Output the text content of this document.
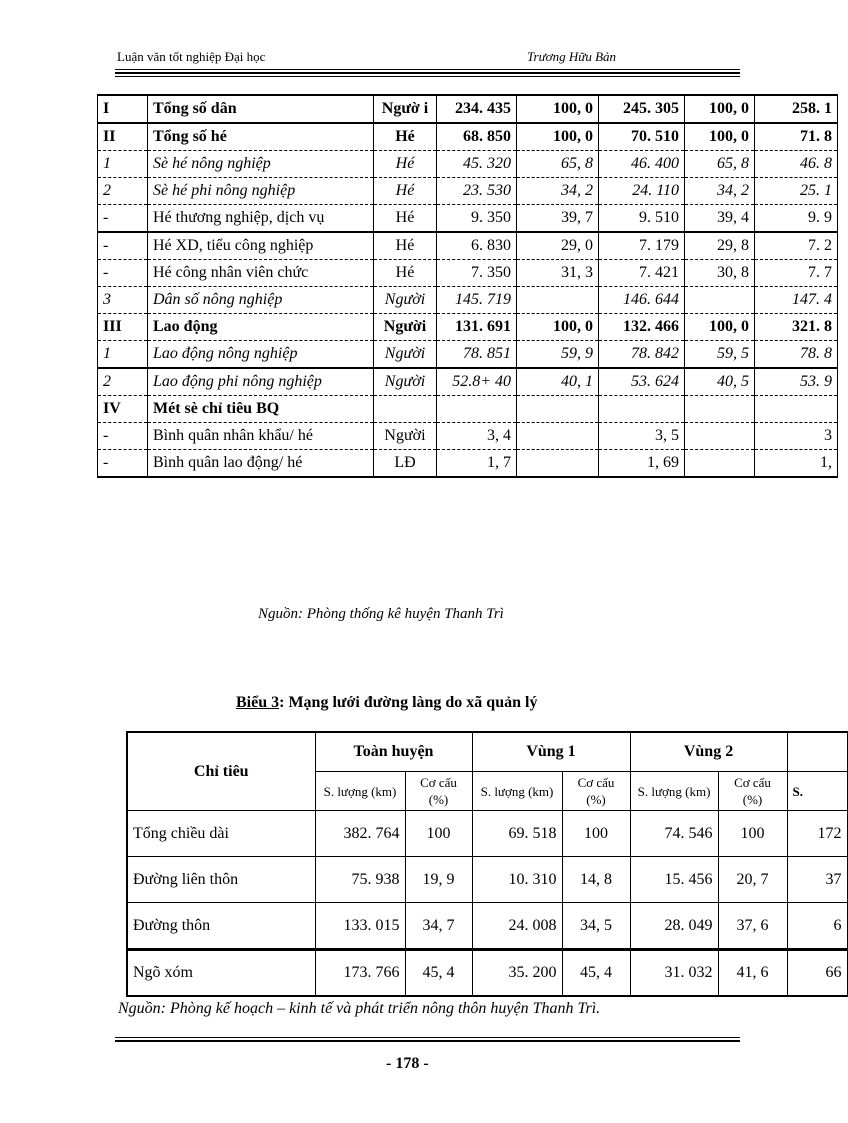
Luận văn tốt nghiệp Đại học	Trương Hữu Bản
I	Tổng số dân	Ngườ i	234. 435	100, 0	245. 305	100, 0	258. 1
II	Tổng số hé	Hé	68. 850	100, 0	70. 510	100, 0	71. 8
1	Sè hé nông nghiệp	Hé	45. 320	65, 8	46. 400	65, 8	46. 8
2	Sè hé phi nông nghiệp	Hé	23. 530	34, 2	24. 110	34, 2	25. 1
-	Hé thương nghiệp, dịch vụ	Hé	9. 350	39, 7	9. 510	39, 4	9. 9
-	Hé XD, tiểu công nghiệp	Hé	6. 830	29, 0	7. 179	29, 8	7. 2
-	Hé công nhân viên chức	Hé	7. 350	31, 3	7. 421	30, 8	7. 7
3	Dân số nông nghiệp	Người	145. 719		146. 644		147. 4
III	Lao động	Người	131. 691	100, 0	132. 466	100, 0	321. 8
1	Lao động nông nghiệp	Người	78. 851	59, 9	78. 842	59, 5	78. 8
2	Lao động phi nông nghiệp	Người	52.8+ 40	40, 1	53. 624	40, 5	53. 9
IV	Mét sè chỉ tiêu BQ						
-	Bình quân nhân khẩu/ hé	Người	3, 4		3, 5		3
-	Bình quân lao động/ hé	LĐ	1, 7		1, 69		1,
Nguồn: Phòng thống kê huyện Thanh Trì
Biểu 3: Mạng lưới đường làng do xã quản lý
Chỉ tiêu	Toàn huyện		Vùng 1		Vùng 2		
	S. lượng (km)	Cơ cấu (%)	S. lượng (km)	Cơ cấu (%)	S. lượng (km)	Cơ cấu (%)	S.
Tổng chiều dài	382. 764	100	69. 518	100	74. 546	100	172
Đường liên thôn	75. 938	19, 9	10. 310	14, 8	15. 456	20, 7	37
Đường thôn	133. 015	34, 7	24. 008	34, 5	28. 049	37, 6	6
Ngõ xóm	173. 766	45, 4	35. 200	45, 4	31. 032	41, 6	66
Nguồn: Phòng kế hoạch – kinh tế và phát triển nông thôn huyện Thanh Trì.
- 178 -
